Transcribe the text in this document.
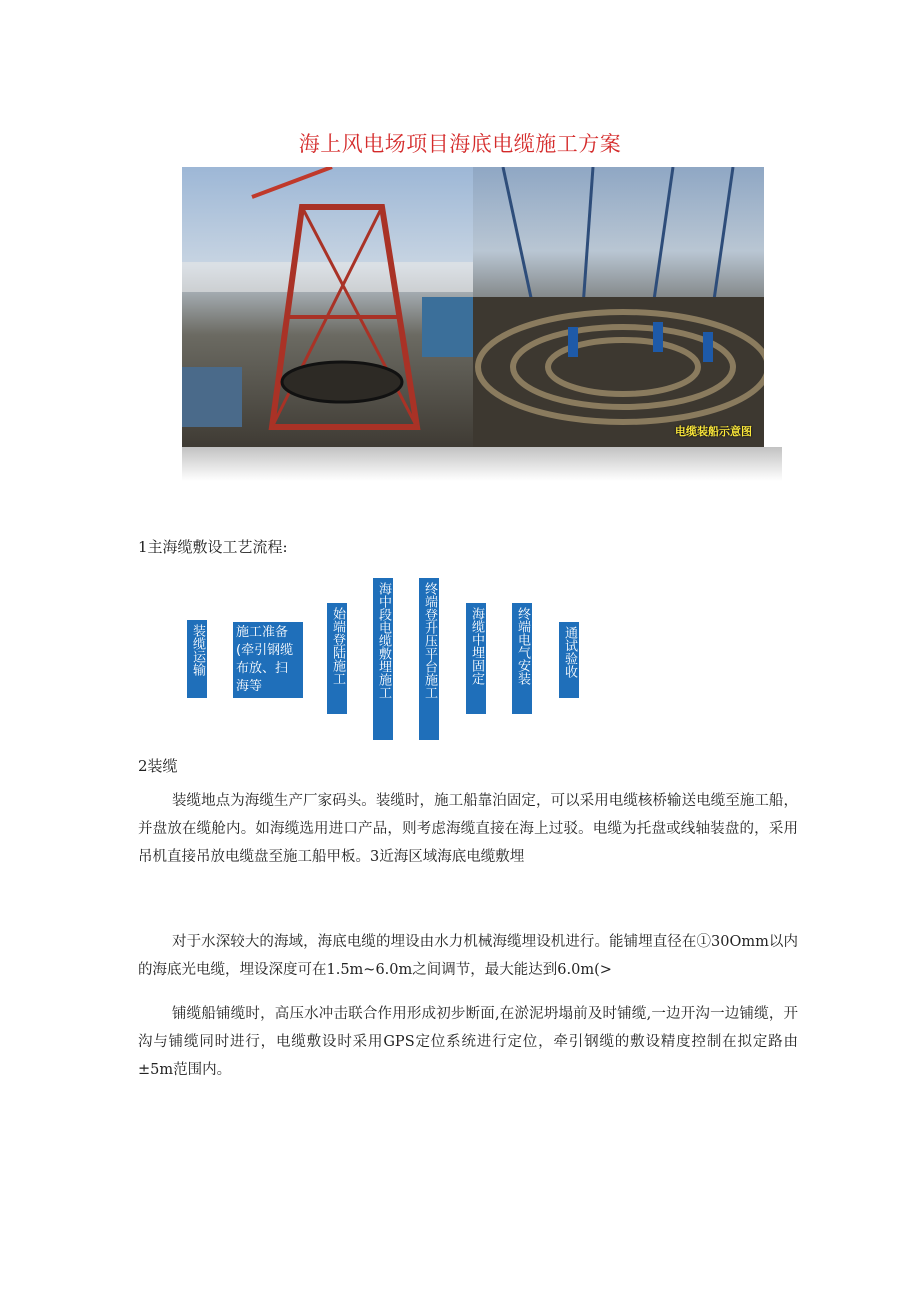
海上风电场项目海底电缆施工方案
电缆装船示意图
1主海缆敷设工艺流程:
装缆运输 施工准备(牵引钢缆布放、扫海等
始端登陆施工 海中段电缆敷埋施工 终端登升压平台施工 海缆中埋固定 终端电气安装 通试验收
2装缆
装缆地点为海缆生产厂家码头。装缆时，施工船靠泊固定，可以采用电缆核桥输送电缆至施工船，并盘放在缆舱内。如海缆选用进口产品，则考虑海缆直接在海上过驳。电缆为托盘或线轴装盘的，采用吊机直接吊放电缆盘至施工船甲板。3近海区域海底电缆敷埋
对于水深较大的海域，海底电缆的埋设由水力机械海缆埋设机进行。能铺埋直径在①30Omm以内的海底光电缆，埋设深度可在1.5m~6.0m之间调节，最大能达到6.0m(>
铺缆船铺缆时，高压水冲击联合作用形成初步断面,在淤泥坍塌前及时铺缆,一边开沟一边铺缆，开沟与铺缆同时进行，电缆敷设时采用GPS定位系统进行定位，牵引钢缆的敷设精度控制在拟定路由±5m范围内。
